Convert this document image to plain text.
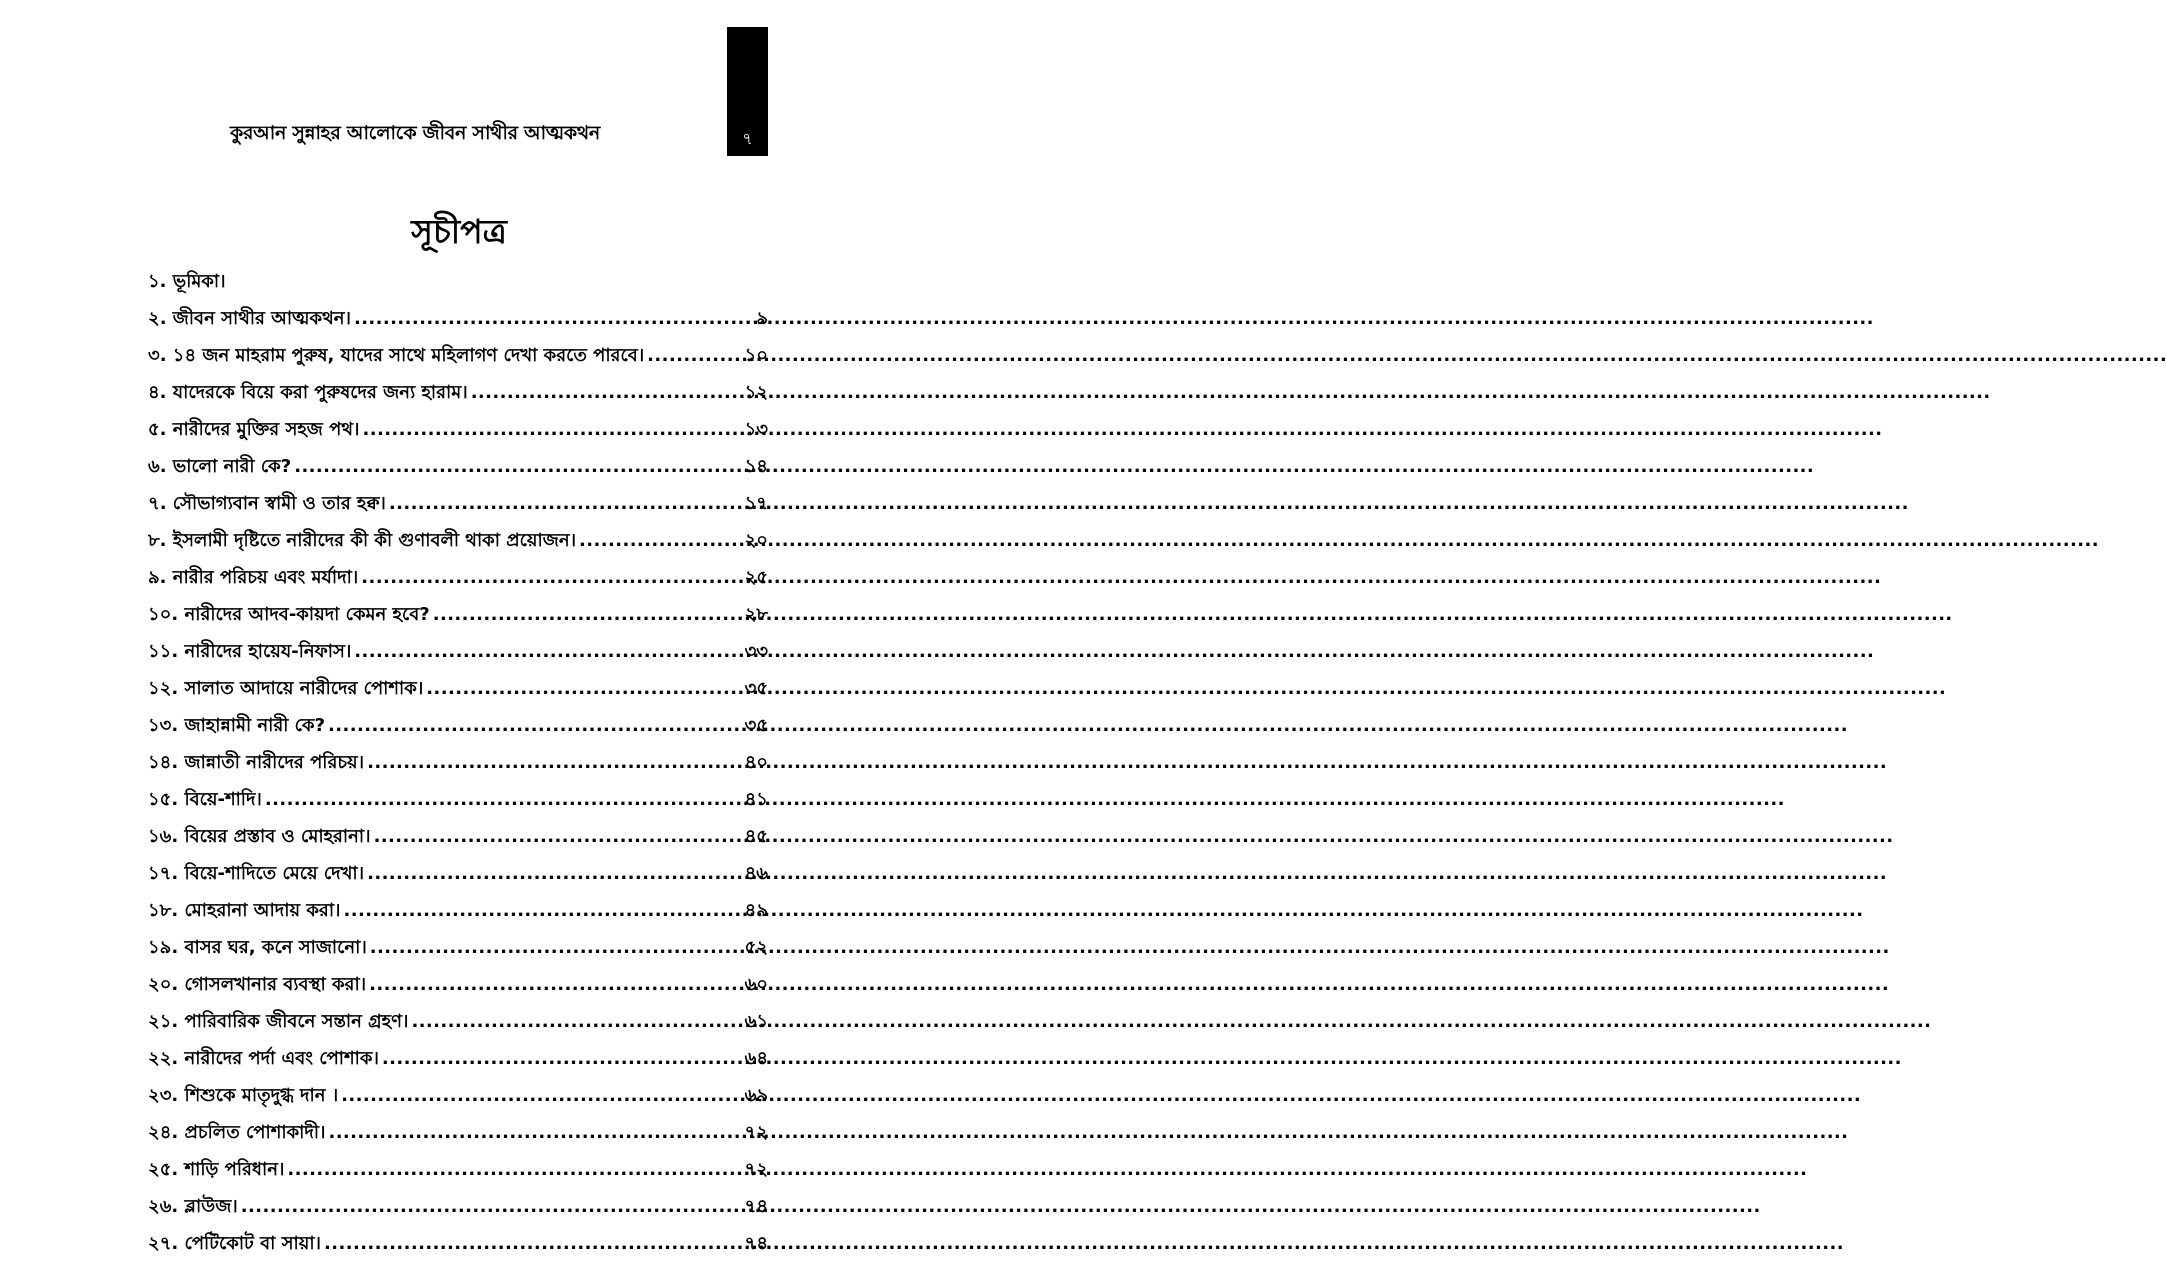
কুরআন সুন্নাহর আলোকে জীবন সাথীর আত্মকথন	৭
সূচীপত্র
১. ভূমিকা।
২. জীবন সাথীর আত্মকথন। .....	৯
৩. ১৪ জন মাহরাম পুরুষ, যাদের সাথে মহিলাগণ দেখা করতে পারবে। .....	১০
৪. যাদেরকে বিয়ে করা পুরুষদের জন্য হারাম। .....	১২
৫. নারীদের মুক্তির সহজ পথ। .....	১৩
৬. ভালো নারী কে? .....	১৪
৭. সৌভাগ্যবান স্বামী ও তার হক্ব। .....	১৭
৮. ইসলামী দৃষ্টিতে নারীদের কী কী গুণাবলী থাকা প্রয়োজন। .....	২০
৯. নারীর পরিচয় এবং মর্যাদা। .....	২৫
১০. নারীদের আদব-কায়দা কেমন হবে? .....	২৮
১১. নারীদের হায়েয-নিফাস। .....	৩৩
১২. সালাত আদায়ে নারীদের পোশাক। .....	৩৫
১৩. জাহান্নামী নারী কে? .....	৩৫
১৪. জান্নাতী নারীদের পরিচয়। .....	৪০
১৫. বিয়ে-শাদি। .....	৪১
১৬. বিয়ের প্রস্তাব ও মোহরানা। .....	৪৫
১৭. বিয়ে-শাদিতে মেয়ে দেখা। .....	৪৬
১৮. মোহরানা আদায় করা। .....	৪৯
১৯. বাসর ঘর, কনে সাজানো। .....	৫২
২০. গোসলখানার ব্যবস্থা করা। .....	৬০
২১. পারিবারিক জীবনে সন্তান গ্রহণ। .....	৬১
২২. নারীদের পর্দা এবং পোশাক। .....	৬৪
২৩. শিশুকে মাতৃদুগ্ধ দান । .....	৬৯
২৪. প্রচলিত পোশাকাদী। .....	৭২
২৫. শাড়ি পরিধান। .....	৭২
২৬. ব্লাউজ। .....	৭৪
২৭. পেটিকোট বা সায়া। .....	৭৪
